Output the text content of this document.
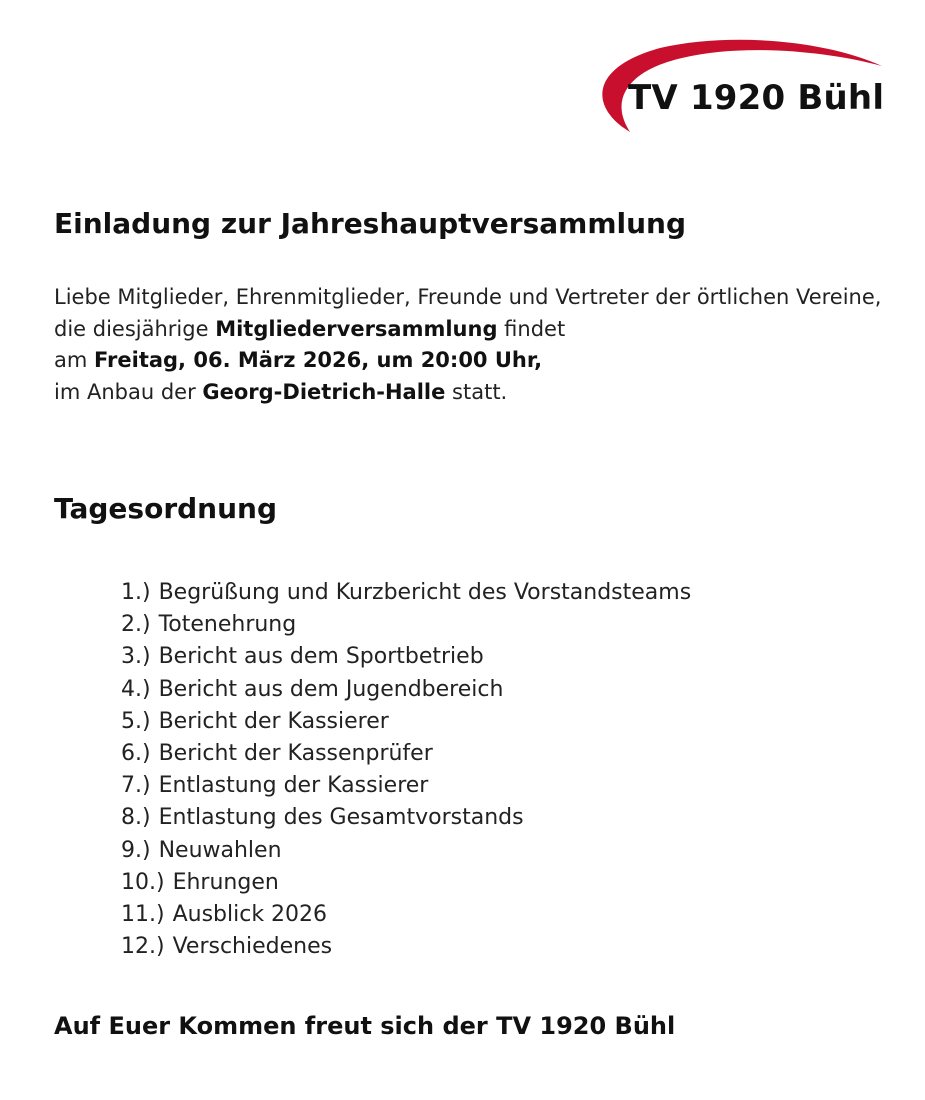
TV 1920 Bühl
Einladung zur Jahreshauptversammlung

Liebe Mitglieder, Ehrenmitglieder, Freunde und Vertreter der örtlichen Vereine,

die diesjährige Mitgliederversammlung findet

am Freitag, 06. März 2026, um 20:00 Uhr,

im Anbau der Georg-Dietrich-Halle statt.

Tagesordnung
1.) Begrüßung und Kurzbericht des Vorstandsteams
2.) Totenehrung
3.) Bericht aus dem Sportbetrieb
4.) Bericht aus dem Jugendbereich
5.) Bericht der Kassierer
6.) Bericht der Kassenprüfer
7.) Entlastung der Kassierer
8.) Entlastung des Gesamtvorstands
9.) Neuwahlen
10.) Ehrungen
11.) Ausblick 2026
12.) Verschiedenes
Auf Euer Kommen freut sich der TV 1920 Bühl
